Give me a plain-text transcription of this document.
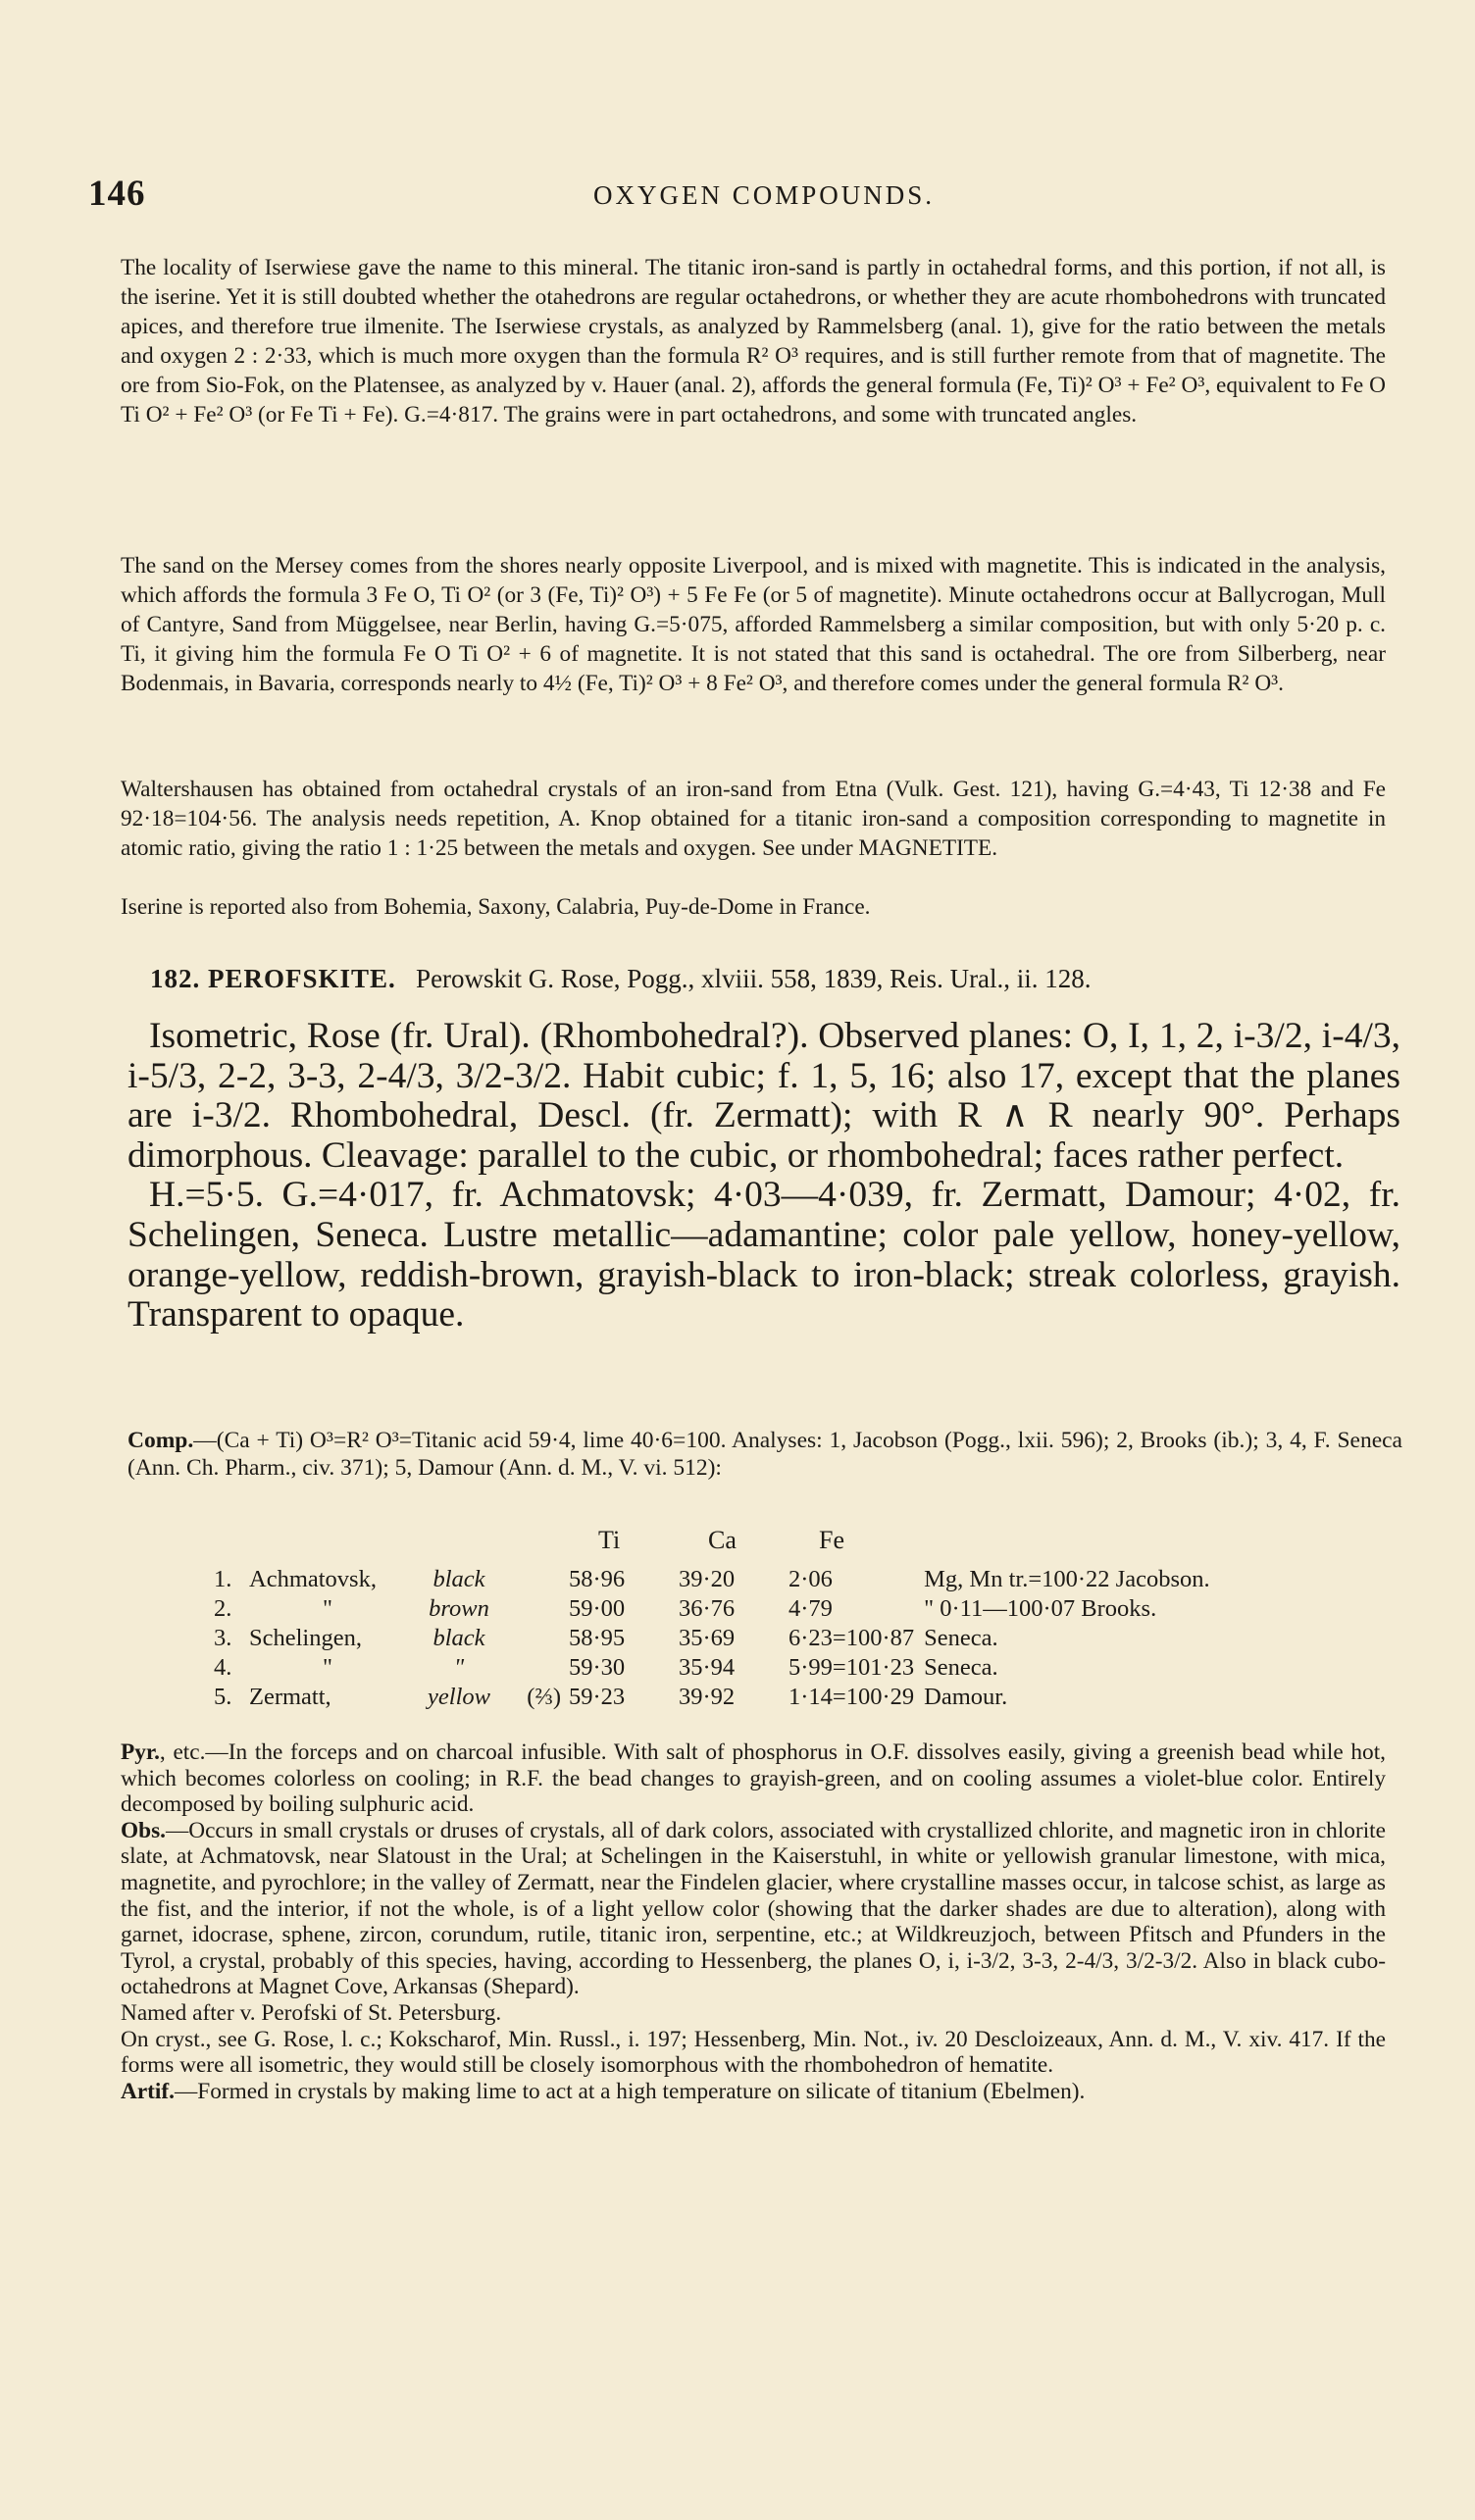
146	OXYGEN COMPOUNDS.

The locality of Iserwiese gave the name to this mineral. The titanic iron-sand is partly in octahedral forms, and this portion, if not all, is the iserine. Yet it is still doubted whether the otahedrons are regular octahedrons, or whether they are acute rhombohedrons with truncated apices, and therefore true ilmenite. The Iserwiese crystals, as analyzed by Rammelsberg (anal. 1), give for the ratio between the metals and oxygen 2 : 2·33, which is much more oxygen than the formula R² O³ requires, and is still further remote from that of magnetite. The ore from Sio-Fok, on the Platensee, as analyzed by v. Hauer (anal. 2), affords the general formula (Fe, Ti)² O³ + Fe² O³, equivalent to Fe O Ti O² + Fe² O³ (or Fe Ti + Fe). G.=4·817. The grains were in part octahedrons, and some with truncated angles.

The sand on the Mersey comes from the shores nearly opposite Liverpool, and is mixed with magnetite. This is indicated in the analysis, which affords the formula 3 Fe O, Ti O² (or 3 (Fe, Ti)² O³) + 5 Fe Fe (or 5 of magnetite). Minute octahedrons occur at Ballycrogan, Mull of Cantyre, Sand from Müggelsee, near Berlin, having G.=5·075, afforded Rammelsberg a similar composition, but with only 5·20 p. c. Ti, it giving him the formula Fe O Ti O² + 6 of magnetite. It is not stated that this sand is octahedral. The ore from Silberberg, near Bodenmais, in Bavaria, corresponds nearly to 4½ (Fe, Ti)² O³ + 8 Fe² O³, and therefore comes under the general formula R² O³.

Waltershausen has obtained from octahedral crystals of an iron-sand from Etna (Vulk. Gest. 121), having G.=4·43, Ti 12·38 and Fe 92·18=104·56. The analysis needs repetition, A. Knop obtained for a titanic iron-sand a composition corresponding to magnetite in atomic ratio, giving the ratio 1 : 1·25 between the metals and oxygen. See under MAGNETITE.

Iserine is reported also from Bohemia, Saxony, Calabria, Puy-de-Dome in France.

182. PEROFSKITE. Perowskit G. Rose, Pogg., xlviii. 558, 1839, Reis. Ural., ii. 128.

Isometric, Rose (fr. Ural). (Rhombohedral?). Observed planes: O, I, 1, 2, i-3/2, i-4/3, i-5/3, 2-2, 3-3, 2-4/3, 3/2-3/2. Habit cubic; f. 1, 5, 16; also 17, except that the planes are i-3/2. Rhombohedral, Descl. (fr. Zermatt); with R ∧ R nearly 90°. Perhaps dimorphous. Cleavage: parallel to the cubic, or rhombohedral; faces rather perfect.

H.=5·5. G.=4·017, fr. Achmatovsk; 4·03—4·039, fr. Zermatt, Damour; 4·02, fr. Schelingen, Seneca. Lustre metallic—adamantine; color pale yellow, honey-yellow, orange-yellow, reddish-brown, grayish-black to iron-black; streak colorless, grayish. Transparent to opaque.

Comp.—(Ca + Ti) O³=R² O³=Titanic acid 59·4, lime 40·6=100. Analyses: 1, Jacobson (Pogg., lxii. 596); 2, Brooks (ib.); 3, 4, F. Seneca (Ann. Ch. Pharm., civ. 371); 5, Damour (Ann. d. M., V. vi. 512):

Ti	Ca	Fe
1.	Achmatovsk,	black		58·96	39·20	2·06	Mg, Mn tr.=100·22 Jacobson.
2.	"	brown		59·00	36·76	4·79	" 0·11—100·07 Brooks.
3.	Schelingen,	black		58·95	35·69	6·23=100·87	Seneca.
4.	"	"		59·30	35·94	5·99=101·23	Seneca.
5.	Zermatt,	yellow	(⅔)	59·23	39·92	1·14=100·29	Damour.

Pyr., etc.—In the forceps and on charcoal infusible. With salt of phosphorus in O.F. dissolves easily, giving a greenish bead while hot, which becomes colorless on cooling; in R.F. the bead changes to grayish-green, and on cooling assumes a violet-blue color. Entirely decomposed by boiling sulphuric acid.

Obs.—Occurs in small crystals or druses of crystals, all of dark colors, associated with crystallized chlorite, and magnetic iron in chlorite slate, at Achmatovsk, near Slatoust in the Ural; at Schelingen in the Kaiserstuhl, in white or yellowish granular limestone, with mica, magnetite, and pyrochlore; in the valley of Zermatt, near the Findelen glacier, where crystalline masses occur, in talcose schist, as large as the fist, and the interior, if not the whole, is of a light yellow color (showing that the darker shades are due to alteration), along with garnet, idocrase, sphene, zircon, corundum, rutile, titanic iron, serpentine, etc.; at Wildkreuzjoch, between Pfitsch and Pfunders in the Tyrol, a crystal, probably of this species, having, according to Hessenberg, the planes O, i, i-3/2, 3-3, 2-4/3, 3/2-3/2. Also in black cubo-octahedrons at Magnet Cove, Arkansas (Shepard).

Named after v. Perofski of St. Petersburg.

On cryst., see G. Rose, l. c.; Kokscharof, Min. Russl., i. 197; Hessenberg, Min. Not., iv. 20 Descloizeaux, Ann. d. M., V. xiv. 417. If the forms were all isometric, they would still be closely isomorphous with the rhombohedron of hematite.

Artif.—Formed in crystals by making lime to act at a high temperature on silicate of titanium (Ebelmen).
